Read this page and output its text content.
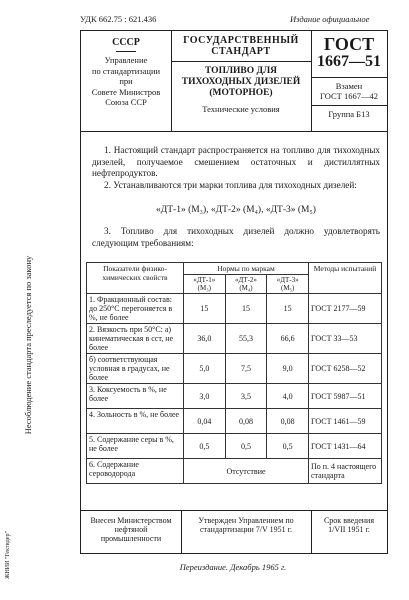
УДК 662.75 : 621.436	Издание официальное
Несоблюдение стандарта преследуется по закону
ЖНИИ "Гектидер"
СССР
Управление
по стандартизации
при
Совете Министров
Союза ССР
ГОСУДАРСТВЕННЫЙ
СТАНДАРТ
ТОПЛИВО ДЛЯ
ТИХОХОДНЫХ ДИЗЕЛЕЙ
(МОТОРНОЕ)
Технические условия
ГОСТ
1667—51
Взамен
ГОСТ 1667—42
Группа Б13
1. Настоящий стандарт распространяется на топливо для тихоходных дизелей, получаемое смешением остаточных и дистиллятных нефтепродуктов.
2. Устанавливаются три марки топлива для тихоходных дизелей:
«ДТ-1» (М₃), «ДТ-2» (М₄), «ДТ-3» (М₅)
3. Топливо для тихоходных дизелей должно удовлетворять следующим требованиям:
Показатели физико-химических свойств	Нормы по маркам			Методы испытаний
	«ДТ-1» (М₃)	«ДТ-2» (М₄)	«ДТ-3» (М₅)	
1. Фракционный состав: до 250°С перегоняется в %, не более	15	15	15	ГОСТ 2177—59
2. Вязкость при 50°С: а) кинематическая в сст, не более	36,0	55,3	66,6	ГОСТ 33—53
б) соответствующая условная в градусах, не более	5,0	7,5	9,0	ГОСТ 6258—52
3. Коксуемость в %, не более	3,0	3,5	4,0	ГОСТ 5987—51
4. Зольность в %, не более	0,04	0,08	0,08	ГОСТ 1461—59
5. Содержание серы в %, не более	0,5	0,5	0,5	ГОСТ 1431—64
6. Содержание сероводорода	Отсутствие			По п. 4 настоящего стандарта
Внесен Министерством нефтяной промышленности
Утвержден Управлением по стандартизации 7/V 1951 г.
Срок введения 1/VII 1951 г.
Переиздание. Декабрь 1965 г.
